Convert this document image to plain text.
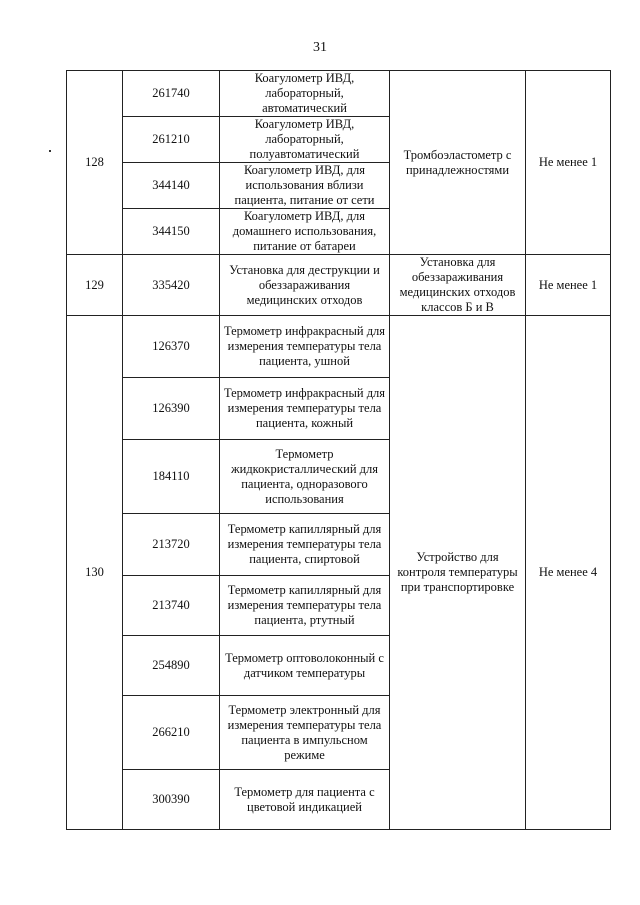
31
128	261740	Коагулометр ИВД, лабораторный, автоматический	Тромбоэластометр с принадлежностями	Не менее 1
	261210	Коагулометр ИВД, лабораторный, полуавтоматический		
	344140	Коагулометр ИВД, для использования вблизи пациента, питание от сети		
	344150	Коагулометр ИВД, для домашнего использования, питание от батареи		
129	335420	Установка для деструкции и обеззараживания медицинских отходов	Установка для обеззараживания медицинских отходов классов Б и В	Не менее 1
130	126370	Термометр инфракрасный для измерения температуры тела пациента, ушной	Устройство для контроля температуры при транспортировке	Не менее 4
	126390	Термометр инфракрасный для измерения температуры тела пациента, кожный		
	184110	Термометр жидкокристаллический для пациента, одноразового использования		
	213720	Термометр капиллярный для измерения температуры тела пациента, спиртовой		
	213740	Термометр капиллярный для измерения температуры тела пациента, ртутный		
	254890	Термометр оптоволоконный с датчиком температуры		
	266210	Термометр электронный для измерения температуры тела пациента в импульсном режиме		
	300390	Термометр для пациента с цветовой индикацией		
